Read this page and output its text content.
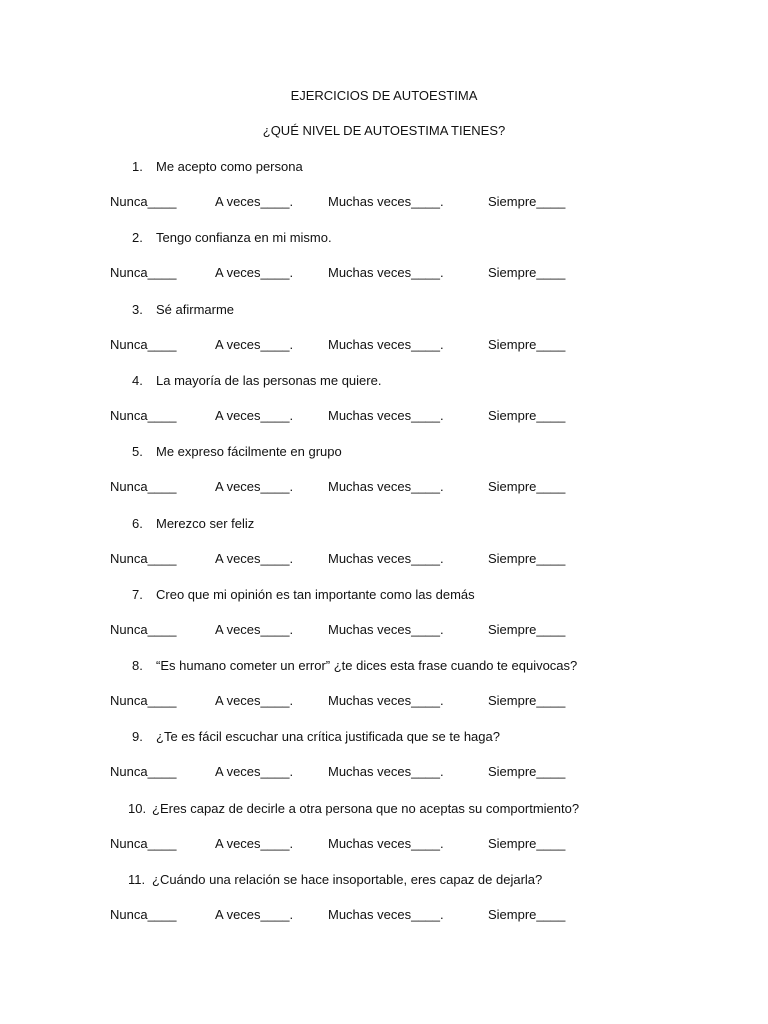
EJERCICIOS DE AUTOESTIMA
¿QUÉ NIVEL DE AUTOESTIMA TIENES?
1. Me acepto como persona
Nunca____	A veces____.	Muchas veces____.	Siempre____
2. Tengo confianza en mi mismo.
Nunca____	A veces____.	Muchas veces____.	Siempre____
3. Sé afirmarme
Nunca____	A veces____.	Muchas veces____.	Siempre____
4. La mayoría de las personas me quiere.
Nunca____	A veces____.	Muchas veces____.	Siempre____
5. Me expreso fácilmente en grupo
Nunca____	A veces____.	Muchas veces____.	Siempre____
6. Merezco ser feliz
Nunca____	A veces____.	Muchas veces____.	Siempre____
7. Creo que mi opinión es tan importante como las demás
Nunca____	A veces____.	Muchas veces____.	Siempre____
8. “Es humano cometer un error” ¿te dices esta frase cuando te equivocas?
Nunca____	A veces____.	Muchas veces____.	Siempre____
9. ¿Te es fácil escuchar una crítica justificada que se te haga?
Nunca____	A veces____.	Muchas veces____.	Siempre____
10. ¿Eres capaz de decirle a otra persona que no aceptas su comportmiento?
Nunca____	A veces____.	Muchas veces____.	Siempre____
11. ¿Cuándo una relación se hace insoportable, eres capaz de dejarla?
Nunca____	A veces____.	Muchas veces____.	Siempre____
